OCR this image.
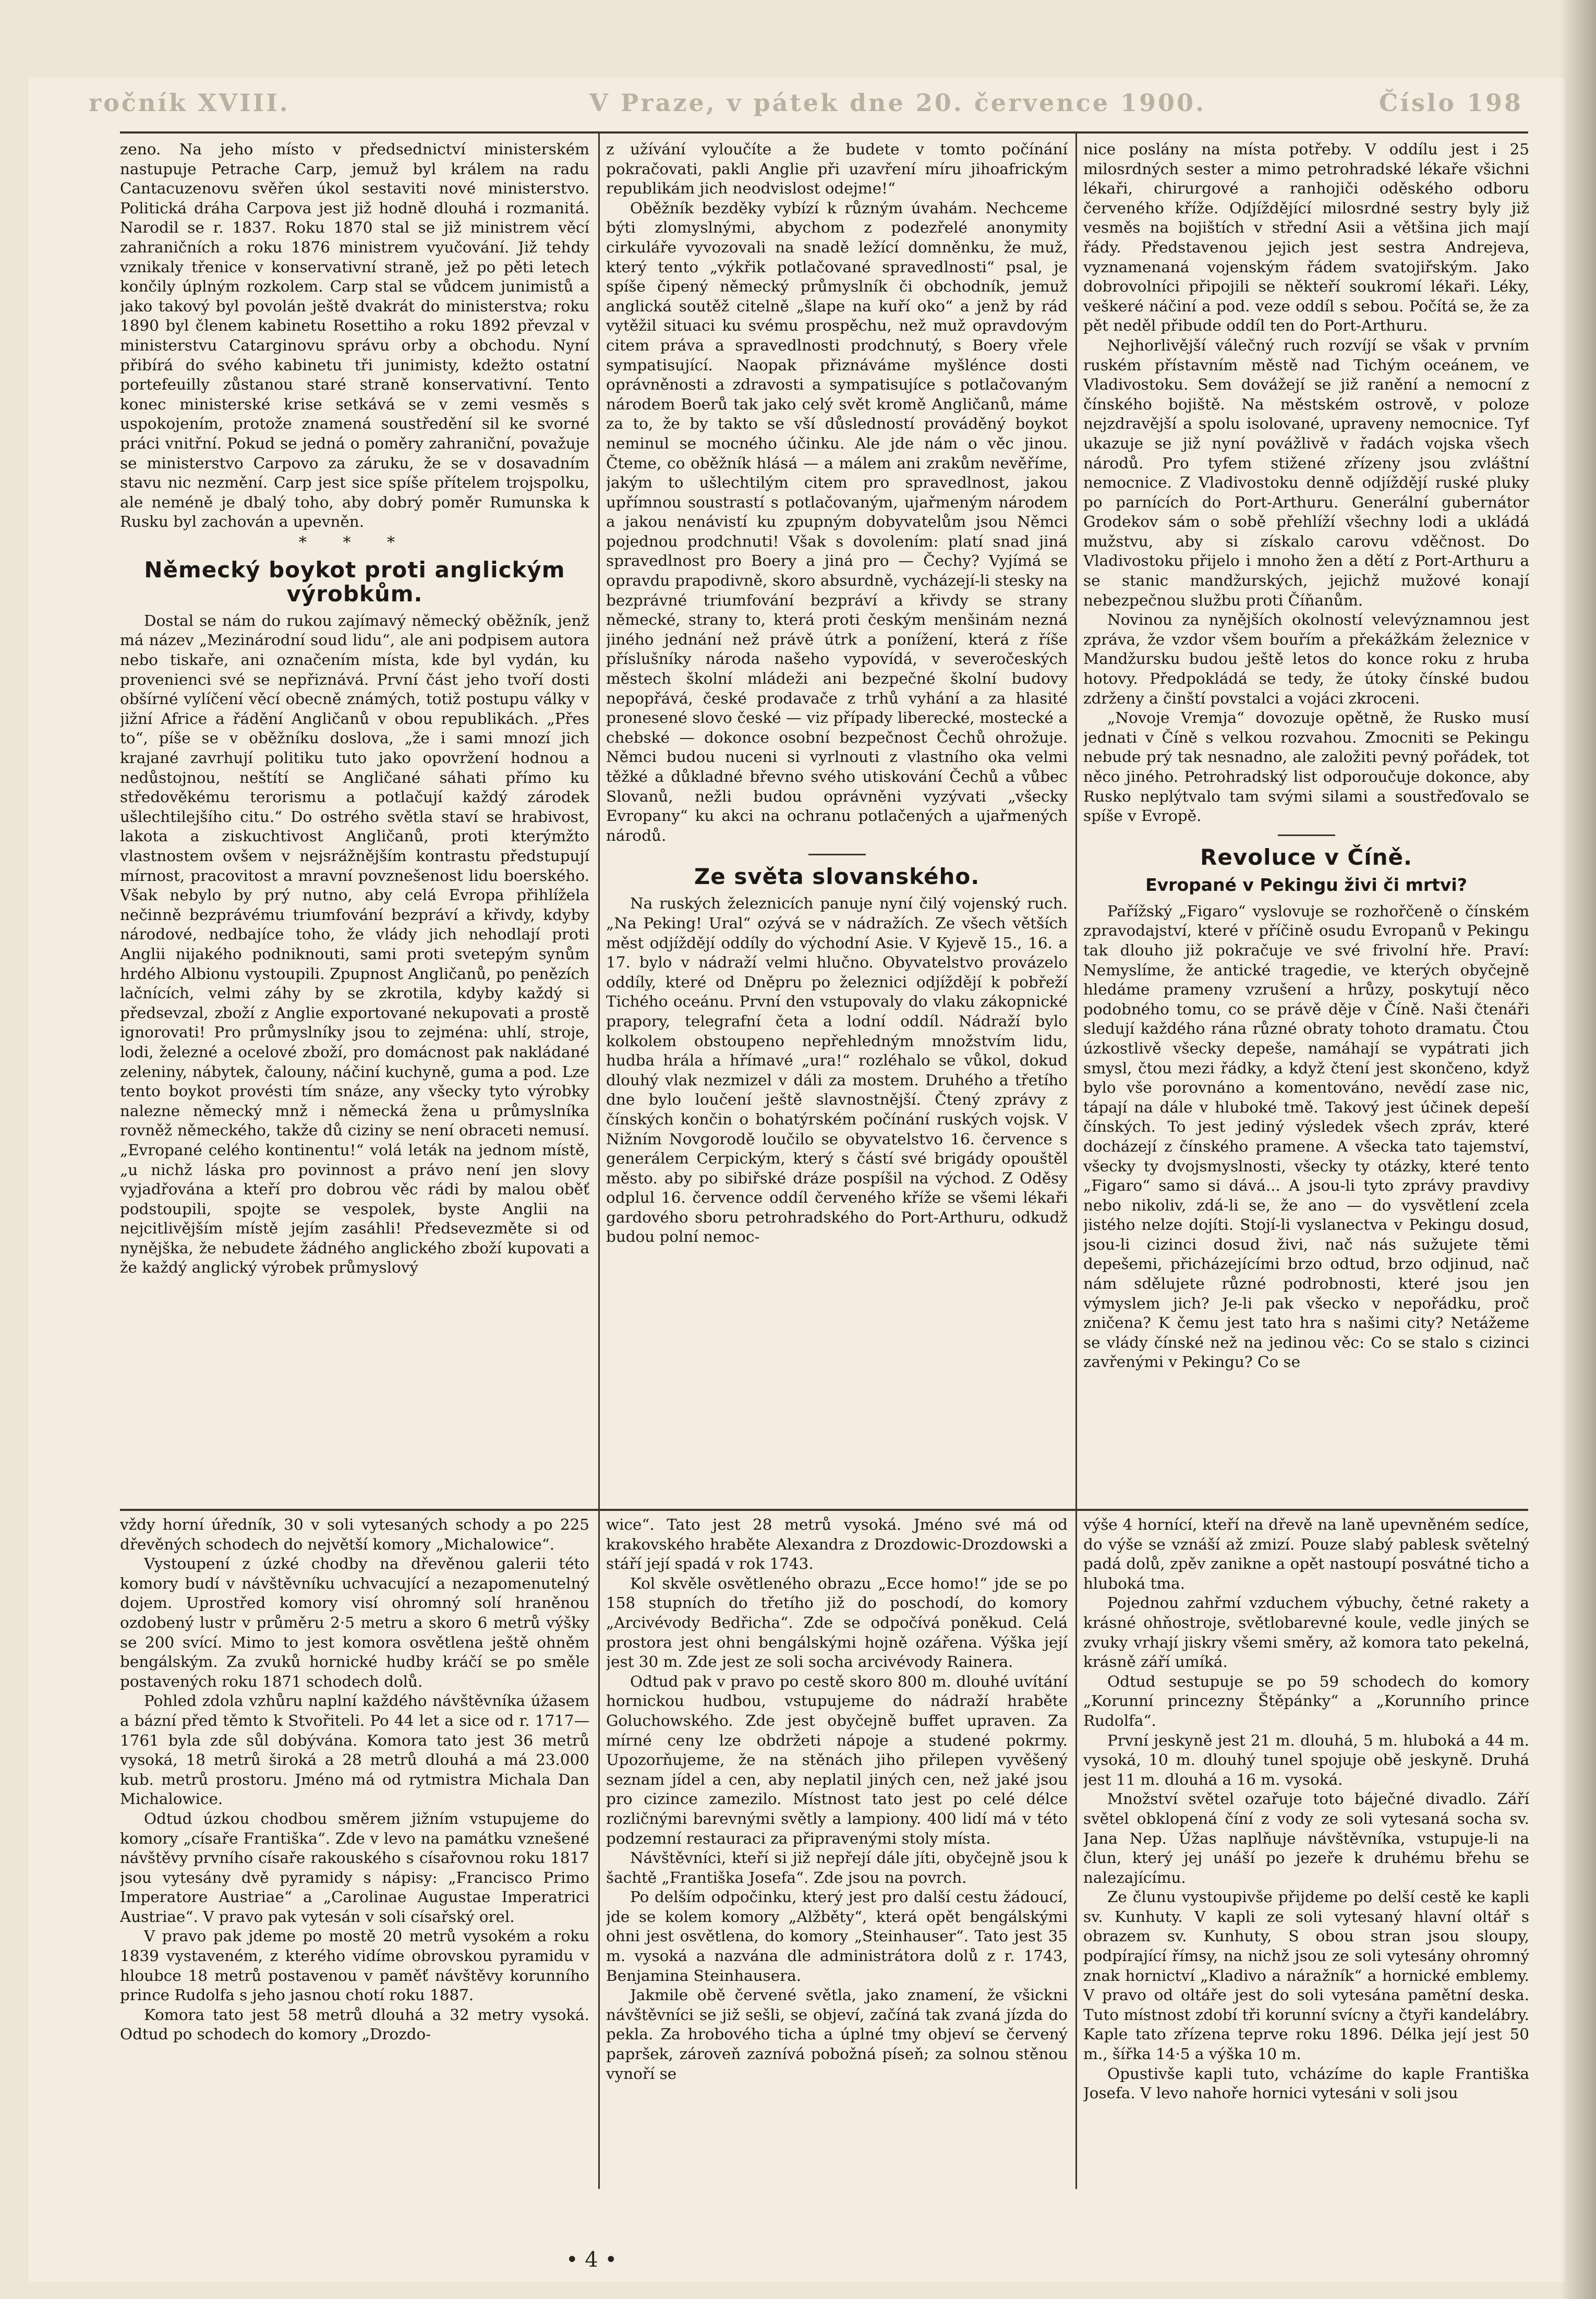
ročník XVIII.	V Praze, v pátek dne 20. července 1900.	Číslo 198

zeno. Na jeho místo v předsednictví ministerském nastupuje Petrache Carp, jemuž byl králem na radu Cantacuzenovu svěřen úkol sestaviti nové ministerstvo. Politická dráha Carpova jest již hodně dlouhá i rozmanitá. Narodil se r. 1837. Roku 1870 stal se již ministrem věcí zahraničních a roku 1876 ministrem vyučování. Již tehdy vznikaly třenice v konservativní straně, jež po pěti letech končily úplným rozkolem. Carp stal se vůdcem junimistů a jako takový byl povolán ještě dvakrát do ministerstva; roku 1890 byl členem kabinetu Rosettiho a roku 1892 převzal v ministerstvu Catarginovu správu orby a obchodu. Nyní přibírá do svého kabinetu tři junimisty, kdežto ostatní portefeuilly zůstanou staré straně konservativní. Tento konec ministerské krise setkává se v zemi vesměs s uspokojením, protože znamená soustředění sil ke svorné práci vnitřní. Pokud se jedná o poměry zahraniční, považuje se ministerstvo Carpovo za záruku, že se v dosavadním stavu nic nezmění. Carp jest sice spíše přítelem trojspolku, ale neméně je dbalý toho, aby dobrý poměr Rumunska k Rusku byl zachován a upevněn.

* * *
Německý boykot proti anglickým výrobkům.

Dostal se nám do rukou zajímavý německý oběžník, jenž má název „Mezinárodní soud lidu“, ale ani podpisem autora nebo tiskaře, ani označením místa, kde byl vydán, ku provenienci své se nepřiznává. První část jeho tvoří dosti obšírné vylíčení věcí obecně známých, totiž postupu války v jižní Africe a řádění Angličanů v obou republikách. „Přes to“, píše se v oběžníku doslova, „že i sami mnozí jich krajané zavrhují politiku tuto jako opovržení hodnou a nedůstojnou, neštítí se Angličané sáhati přímo ku středověkému terorismu a potlačují každý zárodek ušlechtilejšího citu.“ Do ostrého světla staví se hrabivost, lakota a ziskuchtivost Angličanů, proti kterýmžto vlastnostem ovšem v nejsrážnějším kontrastu předstupují mírnost, pracovitost a mravní povznešenost lidu boerského. Však nebylo by prý nutno, aby celá Evropa přihlížela nečinně bezprávému triumfování bezpráví a křivdy, kdyby národové, nedbajíce toho, že vlády jich nehodlají proti Anglii nijakého podniknouti, sami proti svetepým synům hrdého Albionu vystoupili. Zpupnost Angličanů, po penězích lačnících, velmi záhy by se zkrotila, kdyby každý si předsevzal, zboží z Anglie exportované nekupovati a prostě ignorovati! Pro průmyslníky jsou to zejména: uhlí, stroje, lodi, železné a ocelové zboží, pro domácnost pak nakládané zeleniny, nábytek, čalouny, náčiní kuchyně, guma a pod. Lze tento boykot provésti tím snáze, any všecky tyto výrobky nalezne německý mnž i německá žena u průmyslníka rovněž německého, takže dů ciziny se není obraceti nemusí. „Evropané celého kontinentu!“ volá leták na jednom místě, „u nichž láska pro povinnost a právo není jen slovy vyjadřována a kteří pro dobrou věc rádi by malou oběť podstoupili, spojte se vespolek, byste Anglii na nejcitlivějším místě jejím zasáhli! Předsevezměte si od nynějška, že nebudete žádného anglického zboží kupovati a že každý anglický výrobek průmyslový

z užívání vyloučíte a že budete v tomto počínání pokračovati, pakli Anglie při uzavření míru jihoafrickým republikám jich neodvislost odejme!“

Oběžník bezděky vybízí k různým úvahám. Nechceme býti zlomyslnými, abychom z podezřelé anonymity cirkuláře vyvozovali na snadě ležící domněnku, že muž, který tento „výkřik potlačované spravedlnosti“ psal, je spíše čipený německý průmyslník či obchodník, jemuž anglická soutěž citelně „šlape na kuří oko“ a jenž by rád vytěžil situaci ku svému prospěchu, než muž opravdovým citem práva a spravedlnosti prodchnutý, s Boery vřele sympatisující. Naopak přiznáváme myšlénce dosti oprávněnosti a zdravosti a sympatisujíce s potlačovaným národem Boerů tak jako celý svět kromě Angličanů, máme za to, že by takto se vší důsledností prováděný boykot neminul se mocného účinku. Ale jde nám o věc jinou. Čteme, co oběžník hlásá — a málem ani zrakům nevěříme, jakým to ušlechtilým citem pro spravedlnost, jakou upřímnou soustrastí s potlačovaným, ujařmeným národem a jakou nenávistí ku zpupným dobyvatelům jsou Němci pojednou prodchnuti! Však s dovolením: platí snad jiná spravedlnost pro Boery a jiná pro — Čechy? Vyjímá se opravdu prapodivně, skoro absurdně, vycházejí-li stesky na bezprávné triumfování bezpráví a křivdy se strany německé, strany to, která proti českým menšinám nezná jiného jednání než právě útrk a ponížení, která z říše příslušníky národa našeho vypovídá, v severočeských městech školní mládeži ani bezpečné školní budovy nepopřává, české prodavače z trhů vyhání a za hlasité pronesené slovo české — viz případy liberecké, mostecké a chebské — dokonce osobní bezpečnost Čechů ohrožuje. Němci budou nuceni si vyrlnouti z vlastního oka velmi těžké a důkladné břevno svého utiskování Čechů a vůbec Slovanů, nežli budou oprávněni vyzývati „všecky Evropany“ ku akci na ochranu potlačených a ujařmených národů.

Ze světa slovanského.

Na ruských železnicích panuje nyní čilý vojenský ruch. „Na Peking! Ural“ ozývá se v nádražích. Ze všech větších měst odjíždějí oddíly do východní Asie. V Kyjevě 15., 16. a 17. bylo v nádraží velmi hlučno. Obyvatelstvo provázelo oddíly, které od Dněpru po železnici odjíždějí k pobřeží Tichého oceánu. První den vstupovaly do vlaku zákopnické prapory, telegrafní četa a lodní oddíl. Nádraží bylo kolkolem obstoupeno nepřehledným množstvím lidu, hudba hrála a hřímavé „ura!“ rozléhalo se vůkol, dokud dlouhý vlak nezmizel v dáli za mostem. Druhého a třetího dne bylo loučení ještě slavnostnější. Čtený zprávy z čínských končin o bohatýrském počínání ruských vojsk. V Nižním Novgorodě loučilo se obyvatelstvo 16. července s generálem Cerpickým, který s částí své brigády opouštěl město. aby po sibiřské dráze pospíšil na východ. Z Oděsy odplul 16. července oddíl červeného kříže se všemi lékaři gardového sboru petrohradského do Port-Arthuru, odkudž budou polní nemoc-

nice poslány na místa potřeby. V oddílu jest i 25 milosrdných sester a mimo petrohradské lékaře všichni lékaři, chirurgové a ranhojiči oděského odboru červeného kříže. Odjíždějící milosrdné sestry byly již vesměs na bojištích v střední Asii a většina jich mají řády. Představenou jejich jest sestra Andrejeva, vyznamenaná vojenským řádem svatojiřským. Jako dobrovolníci připojili se někteří soukromí lékaři. Léky, veškeré náčiní a pod. veze oddíl s sebou. Počítá se, že za pět neděl přibude oddíl ten do Port-Arthuru.

Nejhorlivější válečný ruch rozvíjí se však v prvním ruském přístavním městě nad Tichým oceánem, ve Vladivostoku. Sem dovážejí se již ranění a nemocní z čínského bojiště. Na městském ostrově, v poloze nejzdravější a spolu isolované, upraveny nemocnice. Tyf ukazuje se již nyní povážlivě v řadách vojska všech národů. Pro tyfem stižené zřízeny jsou zvláštní nemocnice. Z Vladivostoku denně odjíždějí ruské pluky po parnících do Port-Arthuru. Generální gubernátor Grodekov sám o sobě přehlíží všechny lodi a ukládá mužstvu, aby si získalo carovu vděčnost. Do Vladivostoku přijelo i mnoho žen a dětí z Port-Arthuru a se stanic mandžurských, jejichž mužové konají nebezpečnou službu proti Číňanům.

Novinou za nynějších okolností velevýznamnou jest zpráva, že vzdor všem bouřím a překážkám železnice v Mandžursku budou ještě letos do konce roku z hruba hotovy. Předpokládá se tedy, že útoky čínské budou zdrženy a činští povstalci a vojáci zkroceni.

„Novoje Vremja“ dovozuje opětně, že Rusko musí jednati v Číně s velkou rozvahou. Zmocniti se Pekingu nebude prý tak nesnadno, ale založiti pevný pořádek, tot něco jiného. Petrohradský list odporoučuje dokonce, aby Rusko neplýtvalo tam svými silami a soustřeďovalo se spíše v Evropě.

Revoluce v Číně.
Evropané v Pekingu živi či mrtvi?

Pařížský „Figaro“ vyslovuje se rozhořčeně o čínském zpravodajství, které v příčině osudu Evropanů v Pekingu tak dlouho již pokračuje ve své frivolní hře. Praví: Nemyslíme, že antické tragedie, ve kterých obyčejně hledáme prameny vzrušení a hrůzy, poskytují něco podobného tomu, co se právě děje v Číně. Naši čtenáři sledují každého rána různé obraty tohoto dramatu. Čtou úzkostlivě všecky depeše, namáhají se vypátrati jich smysl, čtou mezi řádky, a když čtení jest skončeno, když bylo vše porovnáno a komentováno, nevědí zase nic, tápají na dále v hluboké tmě. Takový jest účinek depeší čínských. To jest jediný výsledek všech zpráv, které docházejí z čínského pramene. A všecka tato tajemství, všecky ty dvojsmyslnosti, všecky ty otázky, které tento „Figaro“ samo si dává... A jsou-li tyto zprávy pravdivy nebo nikoliv, zdá-li se, že ano — do vysvětlení zcela jistého nelze dojíti. Stojí-li vyslanectva v Pekingu dosud, jsou-li cizinci dosud živi, nač nás sužujete těmi depešemi, přicházejícími brzo odtud, brzo odjinud, nač nám sdělujete různé podrobnosti, které jsou jen výmyslem jich? Je-li pak všecko v nepořádku, proč zničena? K čemu jest tato hra s našimi city? Netážeme se vlády čínské než na jedinou věc: Co se stalo s cizinci zavřenými v Pekingu? Co se

vždy horní úředník, 30 v soli vytesaných schody a po 225 dřevěných schodech do největší komory „Michalowice“.

Vystoupení z úzké chodby na dřevěnou galerii této komory budí v návštěvníku uchvacující a nezapomenutelný dojem. Uprostřed komory visí ohromný solí hraněnou ozdobený lustr v průměru 2·5 metru a skoro 6 metrů výšky se 200 svící. Mimo to jest komora osvětlena ještě ohněm bengálským. Za zvuků hornické hudby kráčí se po směle postavených roku 1871 schodech dolů.

Pohled zdola vzhůru naplní každého návštěvníka úžasem a bázní před těmto k Stvořiteli. Po 44 let a sice od r. 1717—1761 byla zde sůl dobývána. Komora tato jest 36 metrů vysoká, 18 metrů široká a 28 metrů dlouhá a má 23.000 kub. metrů prostoru. Jméno má od rytmistra Michala Dan Michalowice.

Odtud úzkou chodbou směrem jižním vstupujeme do komory „císaře Františka“. Zde v levo na památku vznešené návštěvy prvního císaře rakouského s císařovnou roku 1817 jsou vytesány dvě pyramidy s nápisy: „Francisco Primo Imperatore Austriae“ a „Carolinae Augustae Imperatrici Austriae“. V pravo pak vytesán v soli císařský orel.

V pravo pak jdeme po mostě 20 metrů vysokém a roku 1839 vystaveném, z kterého vidíme obrovskou pyramidu v hloubce 18 metrů postavenou v paměť návštěvy korunního prince Rudolfa s jeho jasnou chotí roku 1887.

Komora tato jest 58 metrů dlouhá a 32 metry vysoká. Odtud po schodech do komory „Drozdo-

wice“. Tato jest 28 metrů vysoká. Jméno své má od krakovského hraběte Alexandra z Drozdowic-Drozdowski a stáří její spadá v rok 1743.

Kol skvěle osvětleného obrazu „Ecce homo!“ jde se po 158 stupních do třetího již do poschodí, do komory „Arcivévody Bedřicha“. Zde se odpočívá poněkud. Celá prostora jest ohni bengálskými hojně ozářena. Výška její jest 30 m. Zde jest ze soli socha arcivévody Rainera.

Odtud pak v pravo po cestě skoro 800 m. dlouhé uvítání hornickou hudbou, vstupujeme do nádraží hraběte Goluchowského. Zde jest obyčejně buffet upraven. Za mírné ceny lze obdržeti nápoje a studené pokrmy. Upozorňujeme, že na stěnách jiho přilepen vyvěšený seznam jídel a cen, aby neplatil jiných cen, než jaké jsou pro cizince zamezilo. Místnost tato jest po celé délce rozličnými barevnými světly a lampiony. 400 lidí má v této podzemní restauraci za připravenými stoly místa.

Návštěvníci, kteří si již nepřejí dále jíti, obyčejně jsou k šachtě „Františka Josefa“. Zde jsou na povrch.

Po delším odpočinku, který jest pro další cestu žádoucí, jde se kolem komory „Alžběty“, která opět bengálskými ohni jest osvětlena, do komory „Steinhauser“. Tato jest 35 m. vysoká a nazvána dle administrátora dolů z r. 1743, Benjamina Steinhausera.

Jakmile obě červené světla, jako znamení, že všickni návštěvníci se již sešli, se objeví, začíná tak zvaná jízda do pekla. Za hrobového ticha a úplné tmy objeví se červený papršek, zároveň zaznívá pobožná píseň; za solnou stěnou vynoří se

výše 4 hornící, kteří na dřevě na laně upevněném sedíce, do výše se vznáší až zmizí. Pouze slabý pablesk světelný padá dolů, zpěv zanikne a opět nastoupí posvátné ticho a hluboká tma.

Pojednou zahřmí vzduchem výbuchy, četné rakety a krásné ohňostroje, světlobarevné koule, vedle jiných se zvuky vrhají jiskry všemi směry, až komora tato pekelná, krásně září umíká.

Odtud sestupuje se po 59 schodech do komory „Korunní princezny Štěpánky“ a „Korunního prince Rudolfa“.

První jeskyně jest 21 m. dlouhá, 5 m. hluboká a 44 m. vysoká, 10 m. dlouhý tunel spojuje obě jeskyně. Druhá jest 11 m. dlouhá a 16 m. vysoká.

Množství světel ozařuje toto báječné divadlo. Září světel obklopená číní z vody ze soli vytesaná socha sv. Jana Nep. Úžas naplňuje návštěvníka, vstupuje-li na člun, který jej unáší po jezeře k druhému břehu se nalezajícímu.

Ze člunu vystoupivše přijdeme po delší cestě ke kapli sv. Kunhuty. V kapli ze soli vytesaný hlavní oltář s obrazem sv. Kunhuty, S obou stran jsou sloupy, podpírající římsy, na nichž jsou ze soli vytesány ohromný znak hornictví „Kladivo a náražník“ a hornické emblemy. V pravo od oltáře jest do soli vytesána pamětní deska. Tuto místnost zdobí tři korunní svícny a čtyři kandelábry. Kaple tato zřízena teprve roku 1896. Délka její jest 50 m., šířka 14·5 a výška 10 m.

Opustivše kapli tuto, vcházíme do kaple Františka Josefa. V levo nahoře hornici vytesáni v soli jsou

• 4 •
